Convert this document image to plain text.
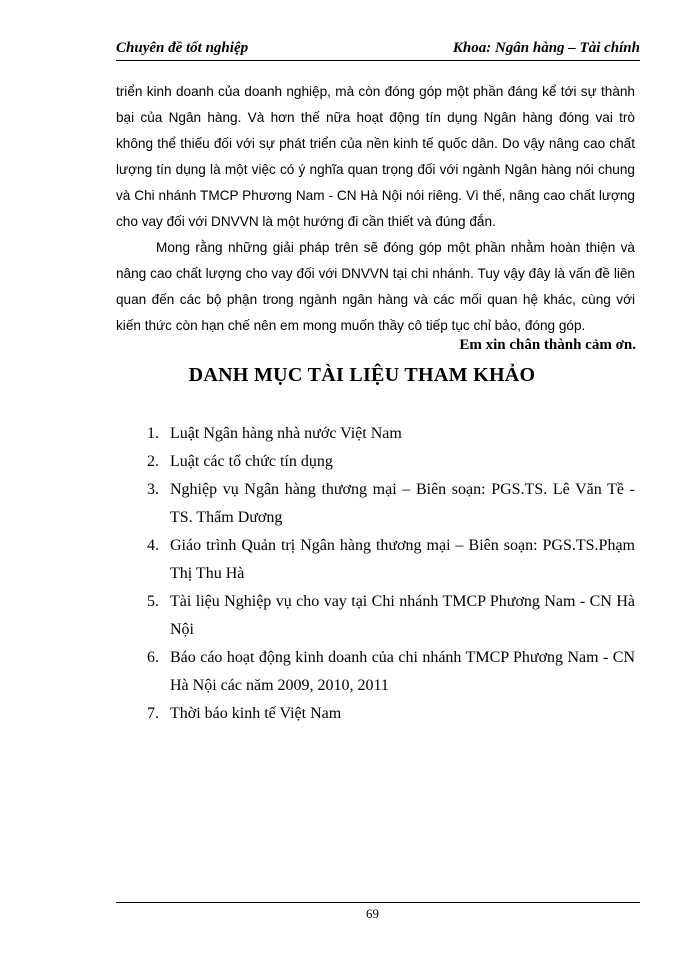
Chuyên đề tốt nghiệp	Khoa: Ngân hàng – Tài chính

triển kinh doanh của doanh nghiệp, mà còn đóng góp một phần đáng kể tới sự thành bại của Ngân hàng. Và hơn thế nữa hoạt động tín dụng Ngân hàng đóng vai trò không thể thiếu đối với sự phát triển của nền kinh tế quốc dân. Do vậy nâng cao chất lượng tín dụng là một việc có ý nghĩa quan trọng đối với ngành Ngân hàng nói chung và Chi nhánh TMCP Phương Nam - CN Hà Nội nói riêng. Vì thế, nâng cao chất lượng cho vay đối với DNVVN là một hướng đi cần thiết và đúng đắn.

Mong rằng những giải pháp trên sẽ đóng góp một phần nhằm hoàn thiện và nâng cao chất lượng cho vay đối với DNVVN tại chi nhánh. Tuy vậy đây là vấn đề liên quan đến các bộ phận trong ngành ngân hàng và các mối quan hệ khác, cùng với kiến thức còn hạn chế nên em mong muốn thầy cô tiếp tục chỉ bảo, đóng góp.

Em xin chân thành cảm ơn.
DANH MỤC TÀI LIỆU THAM KHẢO
1. Luật Ngân hàng nhà nước Việt Nam
2. Luật các tổ chức tín dụng
3. Nghiệp vụ Ngân hàng thương mại – Biên soạn: PGS.TS. Lê Văn Tề - TS. Thẩm Dương
4. Giáo trình Quản trị Ngân hàng thương mại – Biên soạn: PGS.TS.Phạm Thị Thu Hà
5. Tài liệu Nghiệp vụ cho vay tại Chi nhánh TMCP Phương Nam - CN Hà Nội
6. Báo cáo hoạt động kinh doanh của chi nhánh TMCP Phương Nam - CN Hà Nội các năm 2009, 2010, 2011
7. Thời báo kinh tế Việt Nam
69
